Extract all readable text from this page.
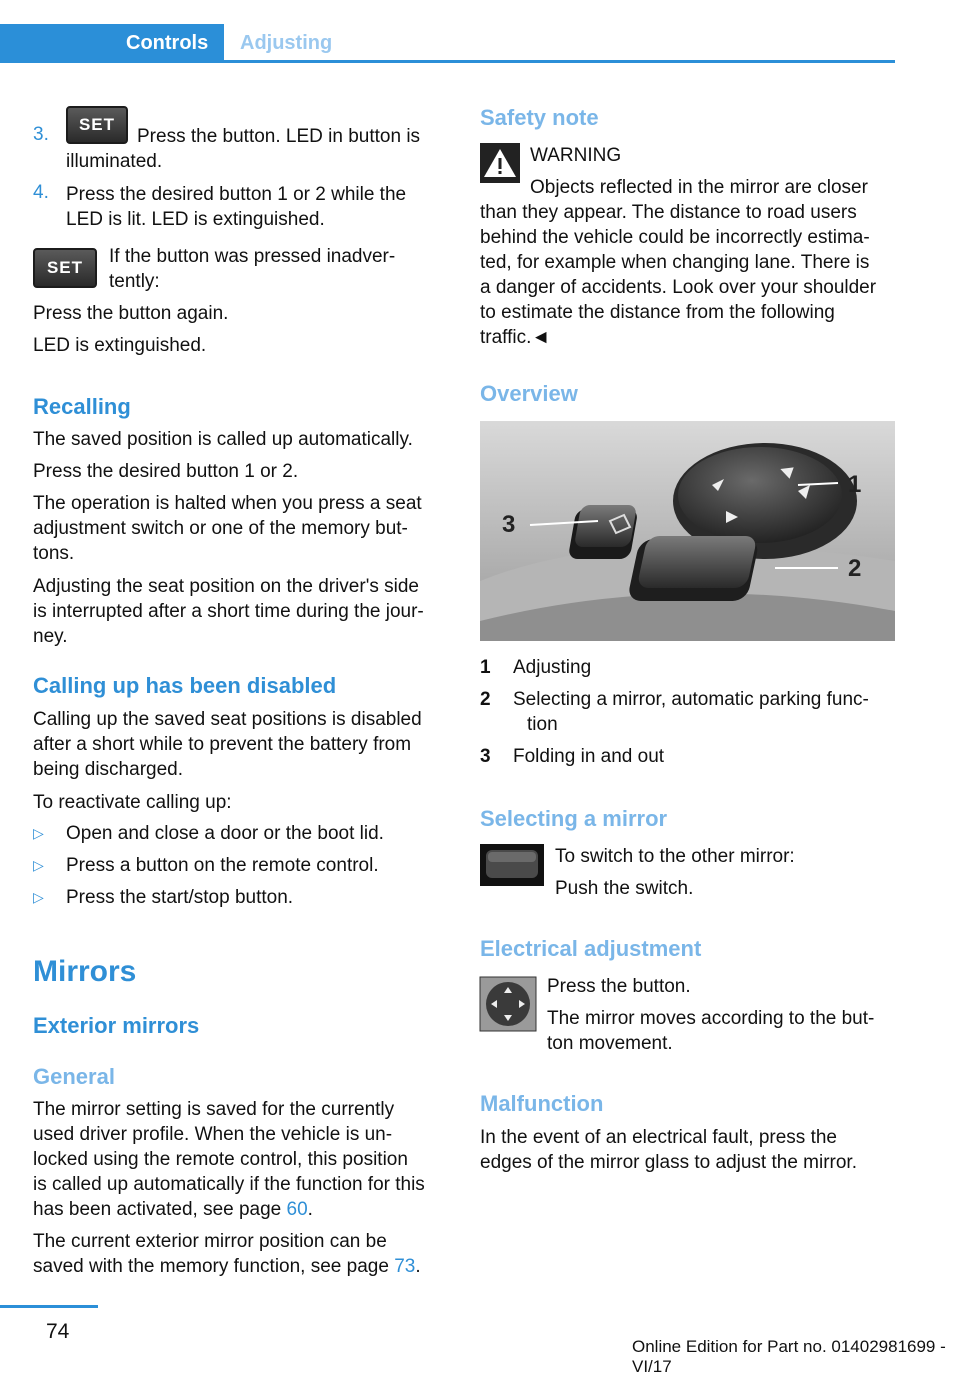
Controls Adjusting
3. SET
Press the button. LED in button is
illuminated.
4. Press the desired button 1 or 2 while the
LED is lit. LED is extinguished.
SET
If the button was pressed inadver-
tently:
Press the button again.
LED is extinguished.
Recalling
The saved position is called up automatically.
Press the desired button 1 or 2.
The operation is halted when you press a seat
adjustment switch or one of the memory but-
tons.
Adjusting the seat position on the driver's side
is interrupted after a short time during the jour-
ney.
Calling up has been disabled
Calling up the saved seat positions is disabled
after a short while to prevent the battery from
being discharged.
To reactivate calling up:
▷ Open and close a door or the boot lid.
▷ Press a button on the remote control.
▷ Press the start/stop button.
Mirrors
Exterior mirrors
General
The mirror setting is saved for the currently
used driver profile. When the vehicle is un-
locked using the remote control, this position
is called up automatically if the function for this
has been activated, see page 60.
The current exterior mirror position can be
saved with the memory function, see page 73.
Safety note
WARNING
Objects reflected in the mirror are closer
than they appear. The distance to road users
behind the vehicle could be incorrectly estima-
ted, for example when changing lane. There is
a danger of accidents. Look over your shoulder
to estimate the distance from the following
traffic.◄
Overview
3
1
2
1 Adjusting
2 Selecting a mirror, automatic parking func-
tion
3 Folding in and out
Selecting a mirror
To switch to the other mirror:
Push the switch.
Electrical adjustment
Press the button.
The mirror moves according to the but-
ton movement.
Malfunction
In the event of an electrical fault, press the
edges of the mirror glass to adjust the mirror.
74
Online Edition for Part no. 01402981699 - VI/17
